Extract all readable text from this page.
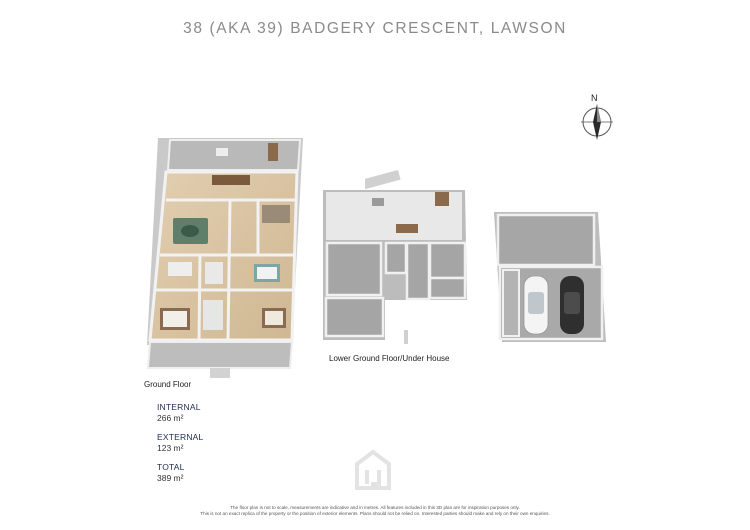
38 (AKA 39) BADGERY CRESCENT, LAWSON
N
Ground Floor
Lower Ground Floor/Under House
INTERNAL
266 m²
EXTERNAL
123 m²
TOTAL
389 m²
The floor plan is not to scale, measurements are indicative and in metres. All features included in this 3D plan are for inspiration purposes only.
This is not an exact replica of the property or the position of exterior elements. Plans should not be relied on. Interested parties should make and rely on their own enquiries.
